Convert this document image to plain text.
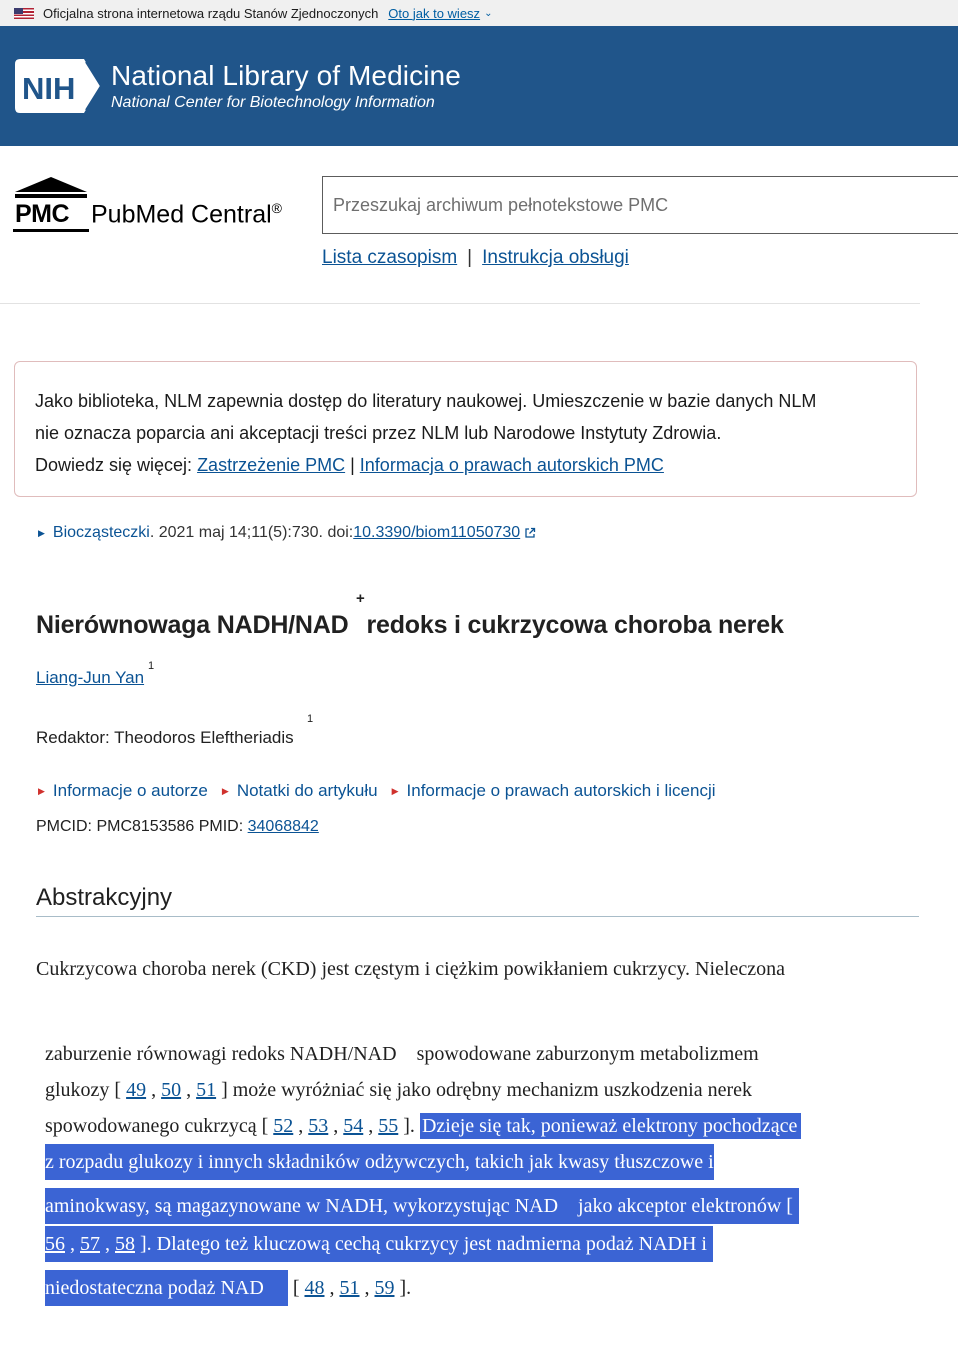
Oficjalna strona internetowa rządu Stanów Zjednoczonych Oto jak to wiesz ⌄
NIH National Library of Medicine
National Center for Biotechnology Information
PMC PubMed Central®	Przeszukaj archiwum pełnotekstowe PMC
Lista czasopism | Instrukcja obsługi
Jako biblioteka, NLM zapewnia dostęp do literatury naukowej. Umieszczenie w bazie danych NLM
nie oznacza poparcia ani akceptacji treści przez NLM lub Narodowe Instytuty Zdrowia.
Dowiedz się więcej: Zastrzeżenie PMC | Informacja o prawach autorskich PMC
▶ Biocząsteczki . 2021 maj 14;11(5):730. doi: 10.3390/biom11050730
Nierównowaga NADH/NAD redoks i cukrzycowa choroba nerek
+
Liang-Jun Yan
1
Redaktor: Theodoros Eleftheriadis
1
▶ Informacje o autorze ▶ Notatki do artykułu ▶ Informacje o prawach autorskich i licencji
PMCID: PMC8153586 PMID: 34068842
Abstrakcyjny
Cukrzycowa choroba nerek (CKD) jest częstym i ciężkim powikłaniem cukrzycy. Nieleczona
zaburzenie równowagi redoks NADH/NAD spowodowane zaburzonym metabolizmem
glukozy [ 49 , 50 , 51 ] może wyróżniać się jako odrębny mechanizm uszkodzenia nerek
spowodowanego cukrzycą [ 52 , 53 , 54 , 55 ]. Dzieje się tak, ponieważ elektrony pochodzące
z rozpadu glukozy i innych składników odżywczych, takich jak kwasy tłuszczowe i
aminokwasy, są magazynowane w NADH, wykorzystując NAD jako akceptor elektronów [
+
56 , 57 , 58 ]. Dlatego też kluczową cechą cukrzycy jest nadmierna podaż NADH i
niedostateczna podaż NAD [ 48 , 51 , 59 ].
+
